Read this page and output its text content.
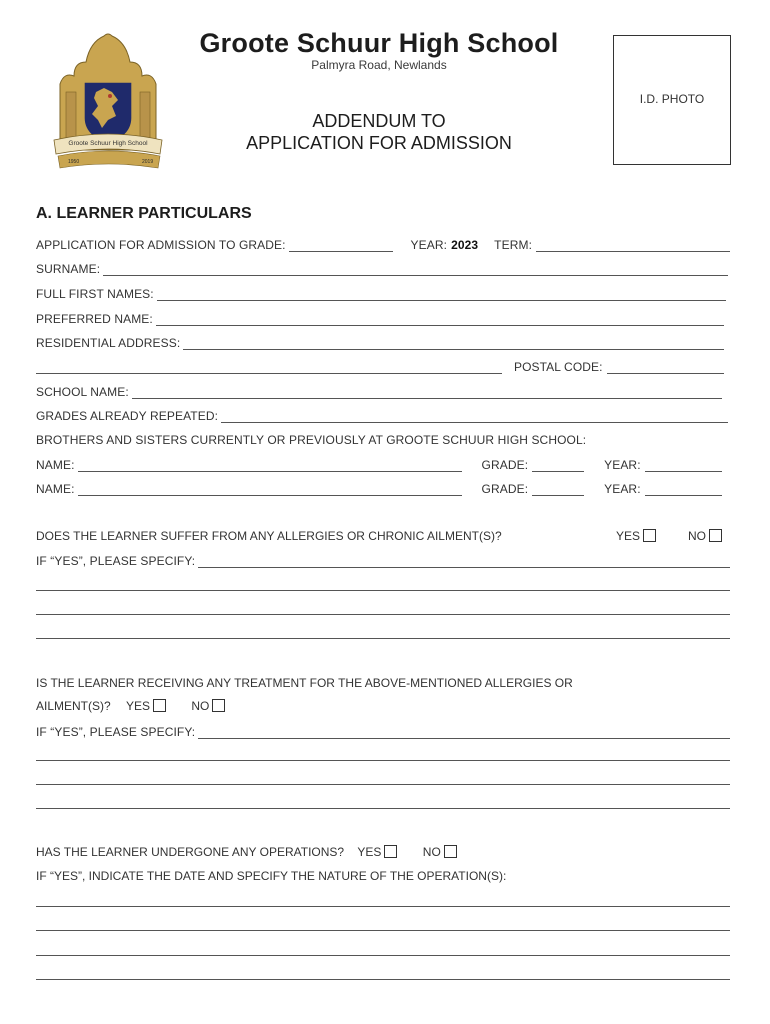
Groote Schuur High School
1950	2019
Groote Schuur High School
Palmyra Road, Newlands
ADDENDUM TO
APPLICATION FOR ADMISSION
I.D. PHOTO
A. LEARNER PARTICULARS
APPLICATION FOR ADMISSION TO GRADE:	YEAR: 2023 TERM:
SURNAME:
FULL FIRST NAMES:
PREFERRED NAME:
RESIDENTIAL ADDRESS:
POSTAL CODE:
SCHOOL NAME:
GRADES ALREADY REPEATED:
BROTHERS AND SISTERS CURRENTLY OR PREVIOUSLY AT GROOTE SCHUUR HIGH SCHOOL:
NAME:	GRADE:	YEAR:
NAME:	GRADE:	YEAR:
DOES THE LEARNER SUFFER FROM ANY ALLERGIES OR CHRONIC AILMENT(S)?	YES	NO
IF “YES”, PLEASE SPECIFY:
IS THE LEARNER RECEIVING ANY TREATMENT FOR THE ABOVE-MENTIONED ALLERGIES OR
AILMENT(S)? YES	NO
IF “YES”, PLEASE SPECIFY:
HAS THE LEARNER UNDERGONE ANY OPERATIONS? YES	NO
IF “YES”, INDICATE THE DATE AND SPECIFY THE NATURE OF THE OPERATION(S):
